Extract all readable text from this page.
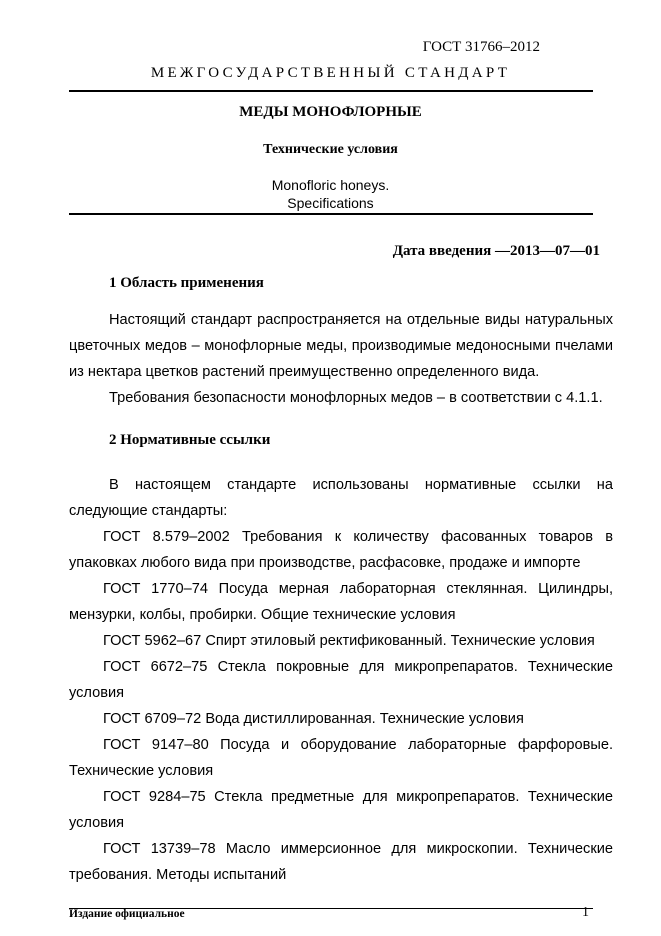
ГОСТ 31766–2012
МЕЖГОСУДАРСТВЕННЫЙ СТАНДАРТ
МЕДЫ МОНОФЛОРНЫЕ
Технические условия
Monofloric honeys.
Specifications
Дата введения —2013—07—01
1 Область применения

Настоящий стандарт распространяется на отдельные виды натуральных цветочных медов – монофлорные меды, производимые медоносными пчелами из нектара цветков растений преимущественно определенного вида.

Требования безопасности монофлорных медов – в соответствии с 4.1.1.

2 Нормативные ссылки

В настоящем стандарте использованы нормативные ссылки на следующие стандарты:

ГОСТ 8.579–2002 Требования к количеству фасованных товаров в упаковках любого вида при производстве, расфасовке, продаже и импорте

ГОСТ 1770–74 Посуда мерная лабораторная стеклянная. Цилиндры, мензурки, колбы, пробирки. Общие технические условия

ГОСТ 5962–67 Спирт этиловый ректификованный. Технические условия

ГОСТ 6672–75 Стекла покровные для микропрепаратов. Технические условия

ГОСТ 6709–72 Вода дистиллированная. Технические условия

ГОСТ 9147–80 Посуда и оборудование лабораторные фарфоровые. Технические условия

ГОСТ 9284–75 Стекла предметные для микропрепаратов. Технические условия

ГОСТ 13739–78 Масло иммерсионное для микроскопии. Технические требования. Методы испытаний

Издание официальное	1
